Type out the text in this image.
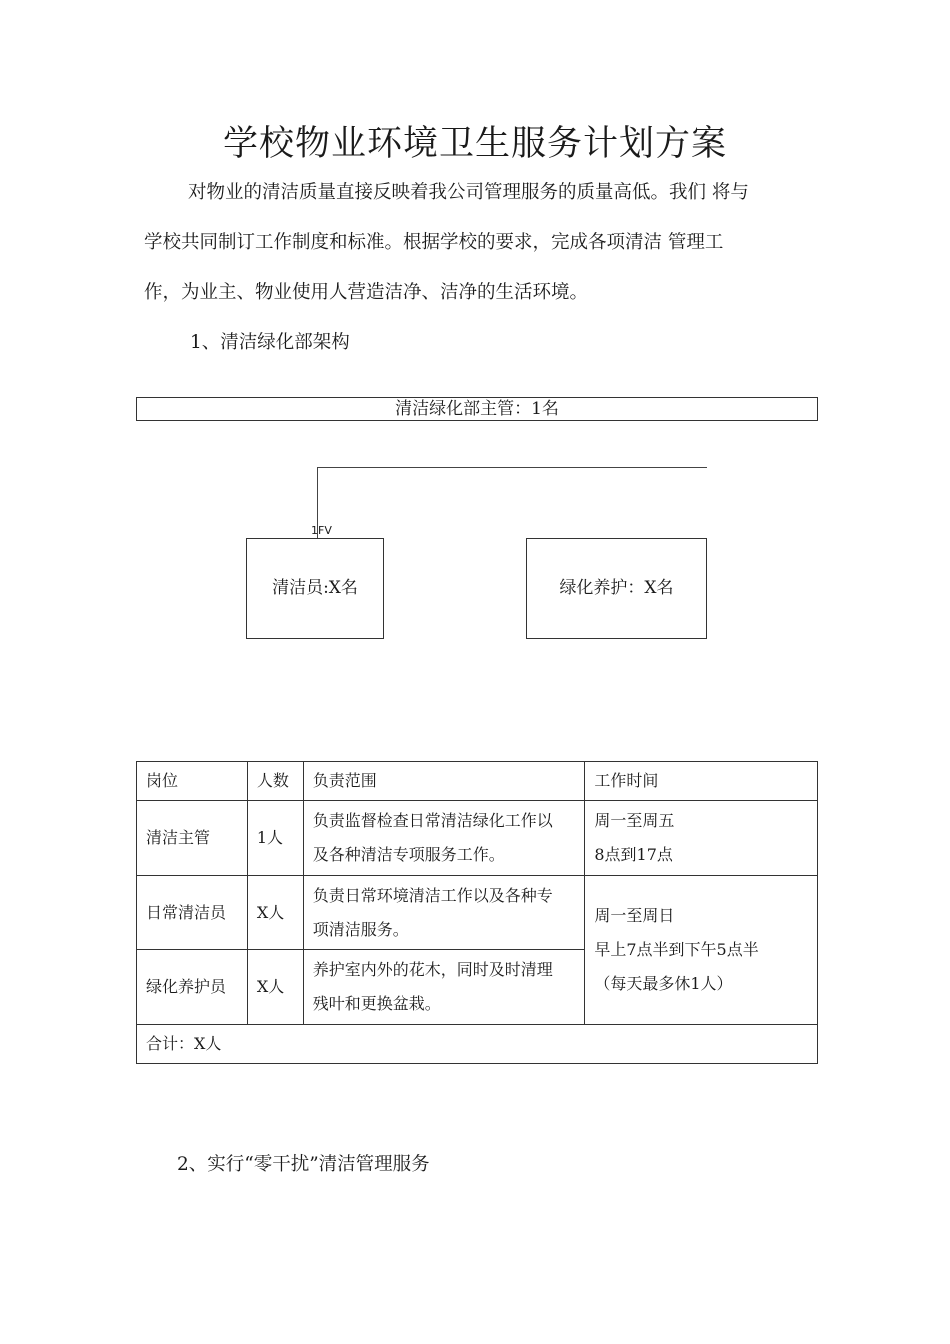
学校物业环境卫生服务计划方案
对物业的清洁质量直接反映着我公司管理服务的质量高低。我们 将与
学校共同制订工作制度和标准。根据学校的要求，完成各项清洁 管理工
作，为业主、物业使用人营造洁净、洁净的生活环境。
1、清洁绿化部架构
清洁绿化部主管：1名
1FV
清洁员:X名	绿化养护：X名
岗位	人数	负责范围	工作时间
清洁主管	1人	负责监督检查日常清洁绿化工作以
及各种清洁专项服务工作。	周一至周五
8点到17点

日常清洁员	X人	负责日常环境清洁工作以及各种专
项清洁服务。	周一至周日
早上7点半到下午5点半
（每天最多休1人）

绿化养护员	X人	养护室内外的花木，同时及时清理
残叶和更换盆栽。	

合计：X人			
2、实行“零干扰”清洁管理服务
